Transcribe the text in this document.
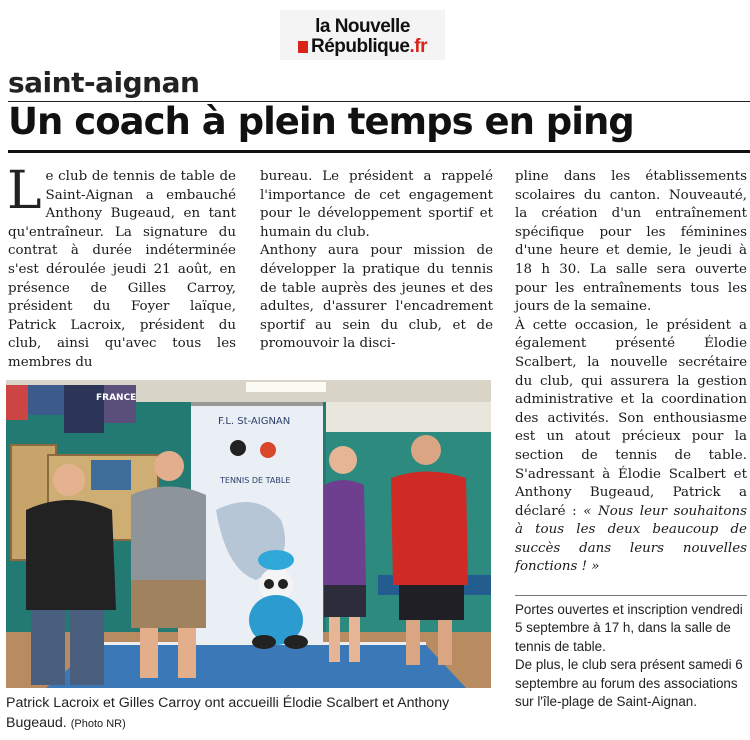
la Nouvelle
République.fr
saint-aignan
Un coach à plein temps en ping

Le club de tennis de table de Saint-Aignan a embauché Anthony Bugeaud, en tant qu'entraîneur. La signature du contrat à durée indéterminée s'est déroulée jeudi 21 août, en présence de Gilles Carroy, président du Foyer laïque, Patrick Lacroix, président du club, ainsi qu'avec tous les membres du

bureau. Le président a rappelé l'importance de cet engagement pour le développement sportif et humain du club.

Anthony aura pour mission de développer la pratique du tennis de table auprès des jeunes et des adultes, d'assurer l'encadrement sportif au sein du club, et de promouvoir la disci-

pline dans les établissements scolaires du canton. Nouveauté, la création d'un entraînement spécifique pour les féminines d'une heure et demie, le jeudi à 18 h 30. La salle sera ouverte pour les entraînements tous les jours de la semaine.

À cette occasion, le président a également présenté Élodie Scalbert, la nouvelle secrétaire du club, qui assurera la gestion administrative et la coordination des activités. Son enthousiasme est un atout précieux pour la section de tennis de table. S'adressant à Élodie Scalbert et Anthony Bugeaud, Patrick a déclaré : « Nous leur souhaitons à tous les deux beaucoup de succès dans leurs nouvelles fonctions ! »

FRANCE
F.L. St-AIGNAN
TENNIS DE TABLE
Patrick Lacroix et Gilles Carroy ont accueilli Élodie Scalbert et Anthony Bugeaud. (Photo NR)

Portes ouvertes et inscription vendredi 5 septembre à 17 h, dans la salle de tennis de table.

De plus, le club sera présent samedi 6 septembre au forum des associations sur l'île-plage de Saint-Aignan.
